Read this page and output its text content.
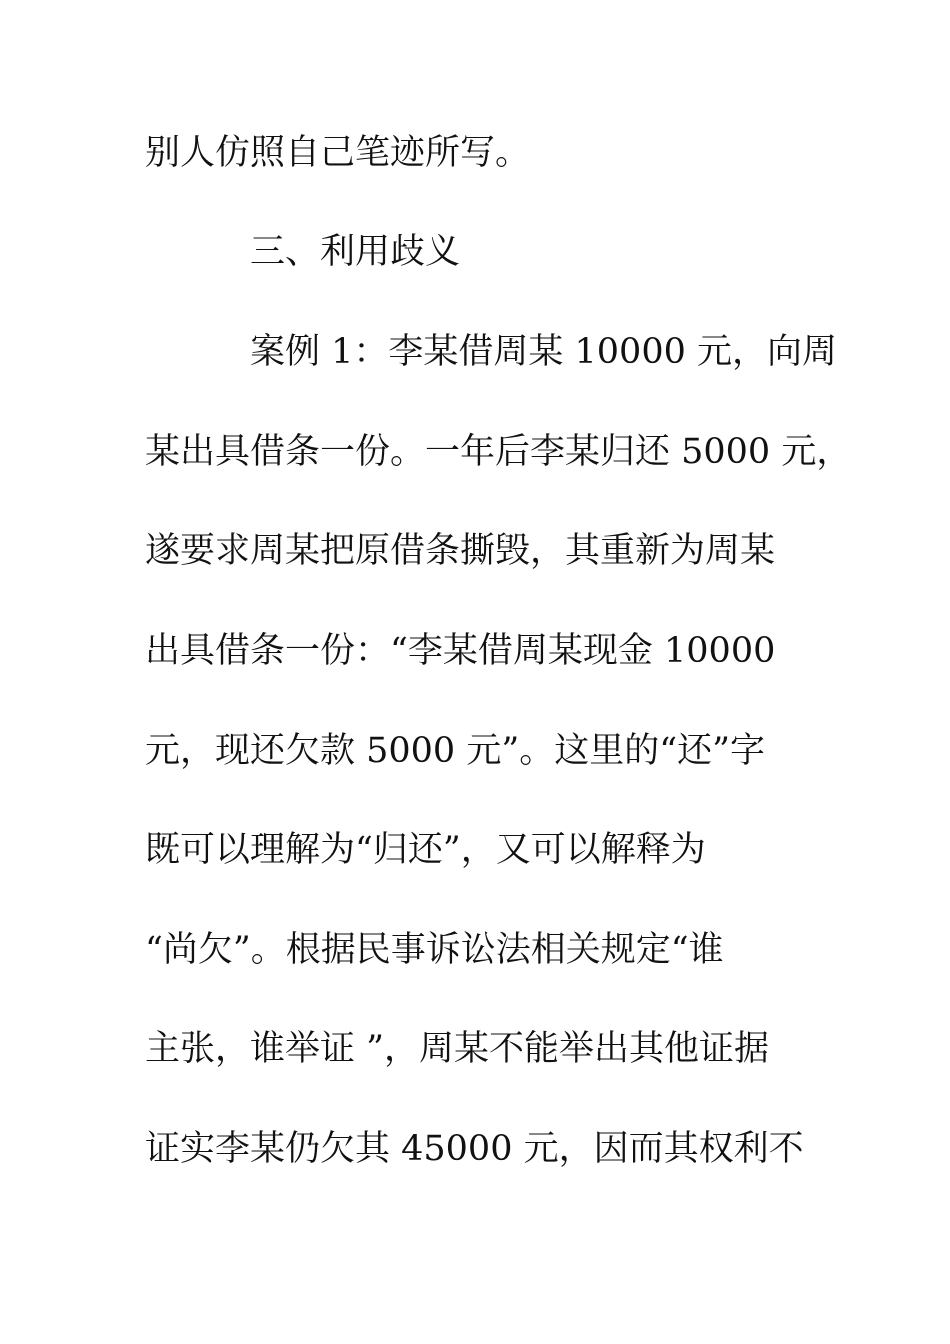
别人仿照自己笔迹所写。
三、利用歧义
案例 1：李某借周某 10000 元，向周
某出具借条一份。一年后李某归还 5000 元，
遂要求周某把原借条撕毁，其重新为周某
出具借条一份：“李某借周某现金 10000
元，现还欠款 5000 元”。这里的“还”字
既可以理解为“归还”，又可以解释为
“尚欠”。根据民事诉讼法相关规定“谁
主张，谁举证 ”，周某不能举出其他证据
证实李某仍欠其 45000 元，因而其权利不
